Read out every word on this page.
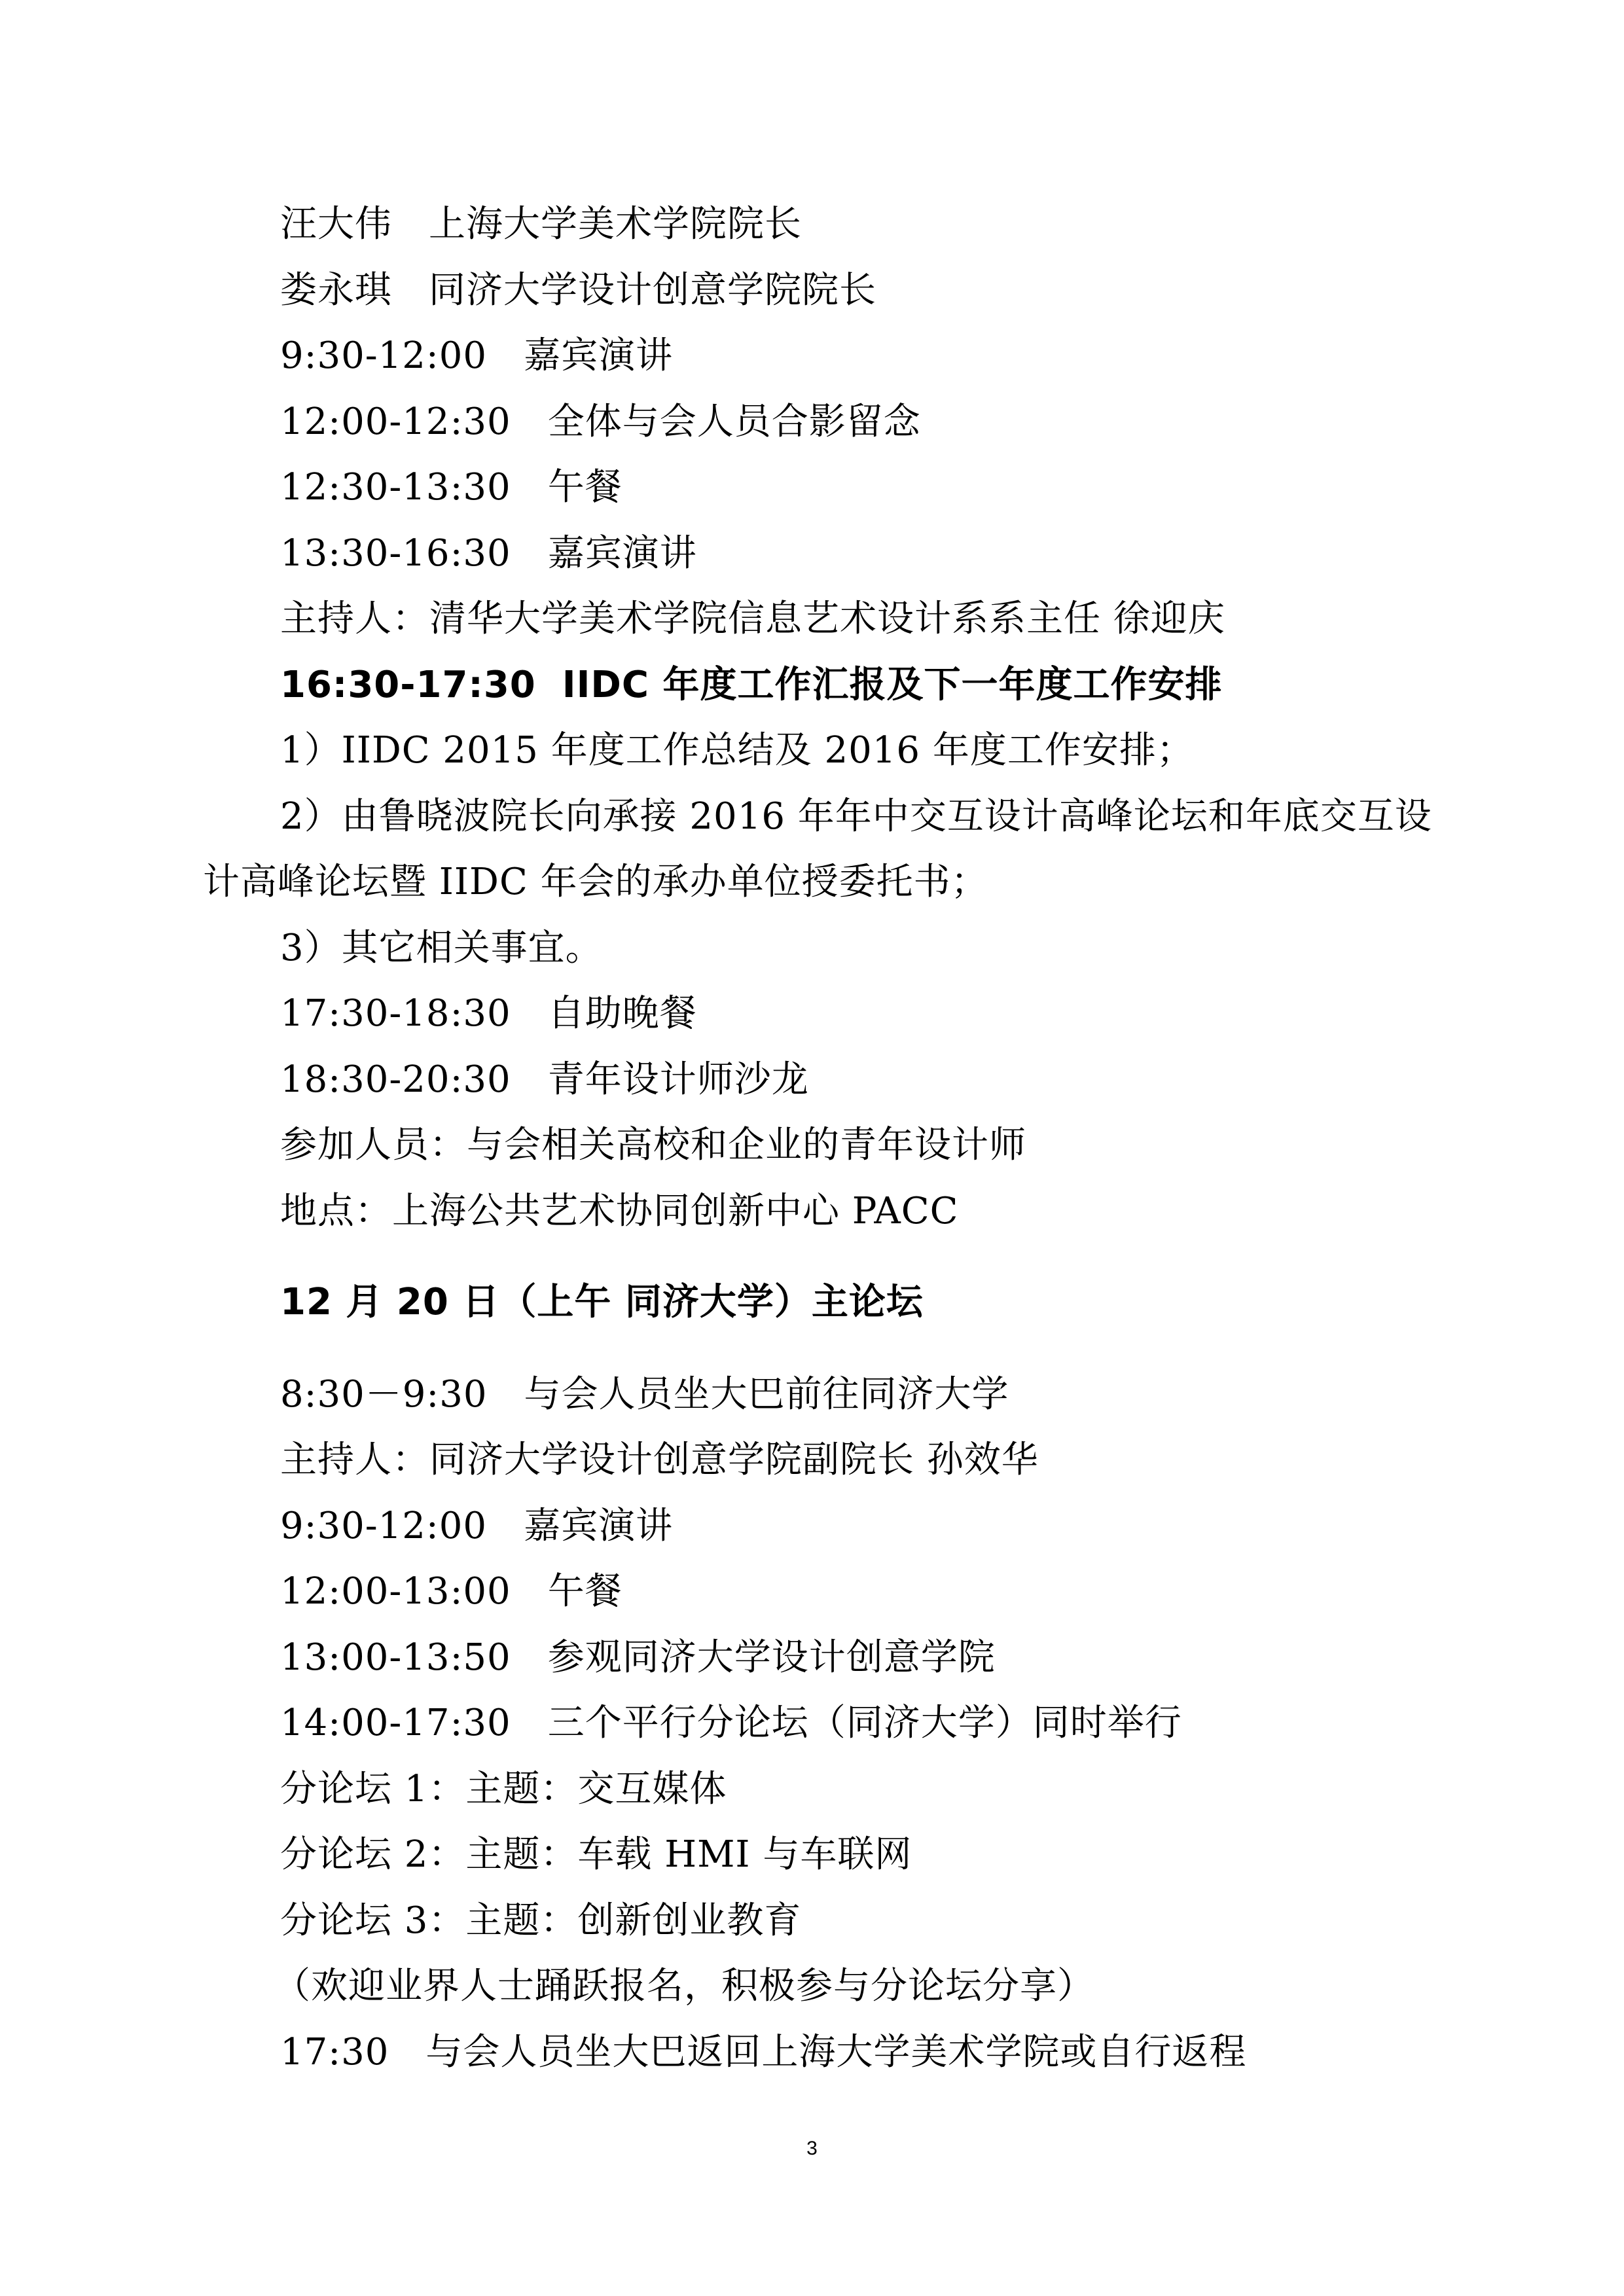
汪大伟 上海大学美术学院院长
娄永琪 同济大学设计创意学院院长
9:30-12:00 嘉宾演讲
12:00-12:30 全体与会人员合影留念
12:30-13:30 午餐
13:30-16:30 嘉宾演讲
主持人：清华大学美术学院信息艺术设计系系主任 徐迎庆
16:30-17:30 IIDC 年度工作汇报及下一年度工作安排
1）IIDC 2015 年度工作总结及 2016 年度工作安排；
2）由鲁晓波院长向承接 2016 年年中交互设计高峰论坛和年底交互设
计高峰论坛暨 IIDC 年会的承办单位授委托书；
3）其它相关事宜。
17:30-18:30 自助晚餐
18:30-20:30 青年设计师沙龙
参加人员：与会相关高校和企业的青年设计师
地点：上海公共艺术协同创新中心 PACC
12 月 20 日（上午 同济大学）主论坛
8:30－9:30 与会人员坐大巴前往同济大学
主持人：同济大学设计创意学院副院长 孙效华
9:30-12:00 嘉宾演讲
12:00-13:00 午餐
13:00-13:50 参观同济大学设计创意学院
14:00-17:30 三个平行分论坛（同济大学）同时举行
分论坛 1：主题：交互媒体
分论坛 2：主题：车载 HMI 与车联网
分论坛 3：主题：创新创业教育
（欢迎业界人士踊跃报名，积极参与分论坛分享）
17:30 与会人员坐大巴返回上海大学美术学院或自行返程
3
